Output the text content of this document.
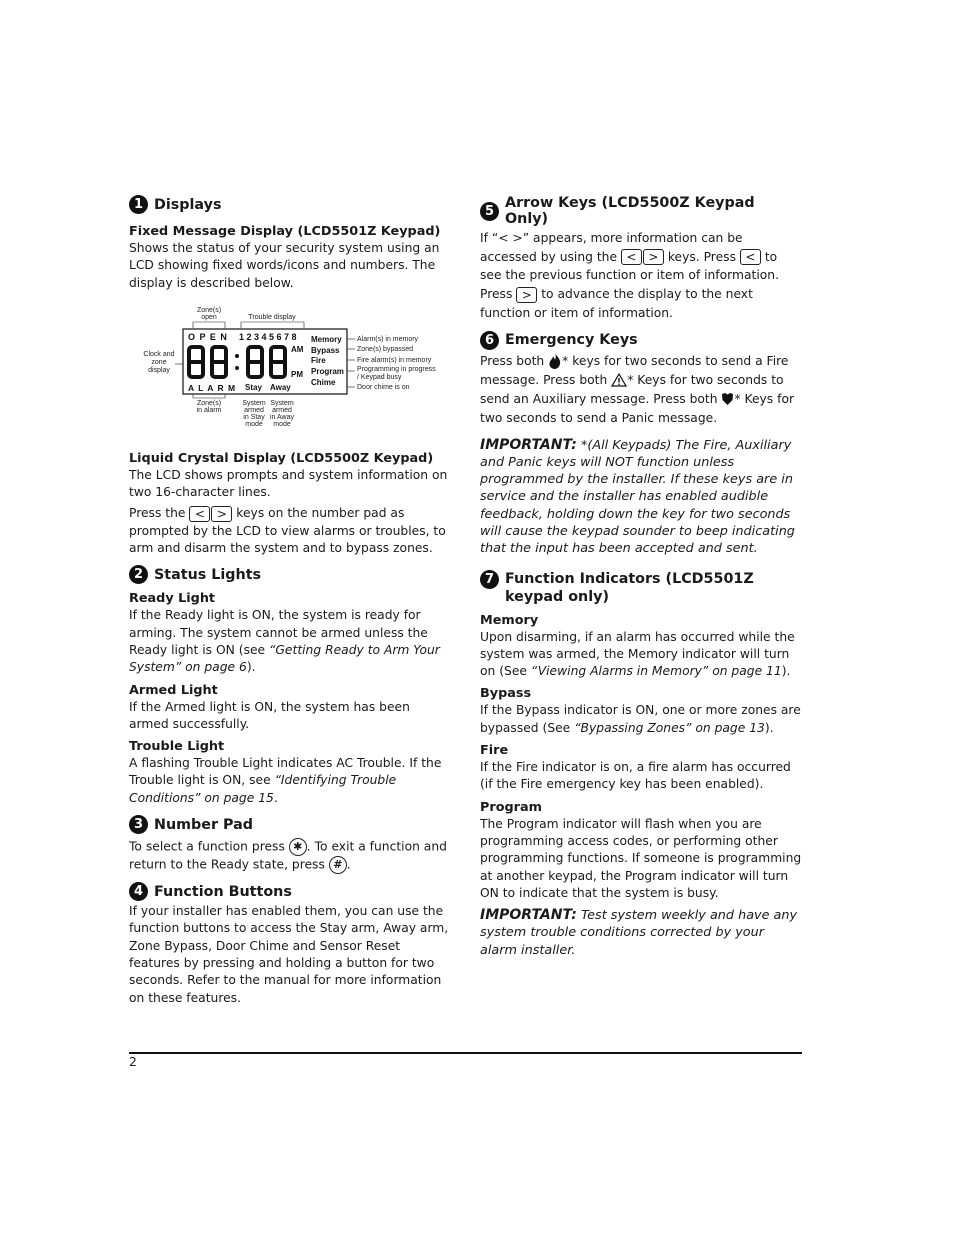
1 Displays

Fixed Message Display (LCD5501Z Keypad)

Shows the status of your security system using an LCD showing fixed words/icons and numbers. The display is described below.

Zone(s)
open	Trouble display
Clock and
zone
display
Alarm(s) in memory
Zone(s) bypassed
Fire alarm(s) in memory
Programming in progress
/ Keypad busy
Door chime is on
Zone(s)
in alarm
System
armed
in Stay
mode
System
armed
in Away
mode
O P E N
A L A R M
1 2 3 4 5 6 7 8
AM
PM
Stay Away
Memory
Bypass
Fire
Program
Chime

Liquid Crystal Display (LCD5500Z Keypad)

The LCD shows prompts and system information on two 16-character lines.

Press the < > keys on the number pad as prompted by the LCD to view alarms or troubles, to arm and disarm the system and to bypass zones.

2 Status Lights

Ready Light

If the Ready light is ON, the system is ready for arming. The system cannot be armed unless the Ready light is ON (see “Getting Ready to Arm Your System” on page 6).

Armed Light

If the Armed light is ON, the system has been armed successfully.

Trouble Light

A flashing Trouble Light indicates AC Trouble. If the Trouble light is ON, see “Identifying Trouble Conditions” on page 15.

3 Number Pad

To select a function press ✱ . To exit a function and return to the Ready state, press # .

4 Function Buttons

If your installer has enabled them, you can use the function buttons to access the Stay arm, Away arm, Zone Bypass, Door Chime and Sensor Reset features by pressing and holding a button for two seconds. Refer to the manual for more information on these features.

5 Arrow Keys (LCD5500Z Keypad Only)

If “< >” appears, more information can be accessed by using the < > keys. Press < to see the previous function or item of information. Press > to advance the display to the next function or item of information.

6 Emergency Keys

Press both * keys for two seconds to send a Fire message. Press both * Keys for two seconds to send an Auxiliary message. Press both * Keys for two seconds to send a Panic message.

IMPORTANT: *(All Keypads) The Fire, Auxiliary and Panic keys will NOT function unless programmed by the installer. If these keys are in service and the installer has enabled audible feedback, holding down the key for two seconds will cause the keypad sounder to beep indicating that the input has been accepted and sent.

7 Function Indicators (LCD5501Z keypad only)

Memory

Upon disarming, if an alarm has occurred while the system was armed, the Memory indicator will turn on (See “Viewing Alarms in Memory” on page 11).

Bypass

If the Bypass indicator is ON, one or more zones are bypassed (See “Bypassing Zones” on page 13).

Fire

If the Fire indicator is on, a fire alarm has occurred (if the Fire emergency key has been enabled).

Program

The Program indicator will flash when you are programming access codes, or performing other programming functions. If someone is programming at another keypad, the Program indicator will turn ON to indicate that the system is busy.

IMPORTANT: Test system weekly and have any system trouble conditions corrected by your alarm installer.

2
